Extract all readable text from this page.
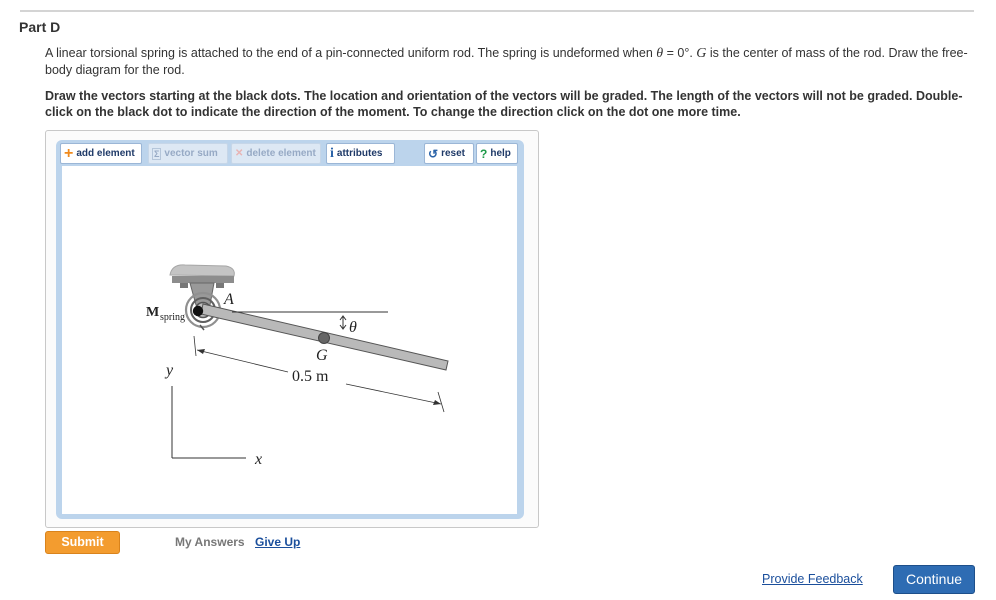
Part D
A linear torsional spring is attached to the end of a pin-connected uniform rod. The spring is undeformed when θ = 0°. G is the center of mass of the rod. Draw the free-body diagram for the rod.
Draw the vectors starting at the black dots. The location and orientation of the vectors will be graded. The length of the vectors will not be graded. Double-click on the black dot to indicate the direction of the moment. To change the direction click on the dot one more time.
+ add element Σ vector sum ✕ delete element i attributes	↺ reset ? help
M spring
A
θ
G
0.5 m
y
x
Submit	My Answers Give Up
Provide Feedback	Continue
